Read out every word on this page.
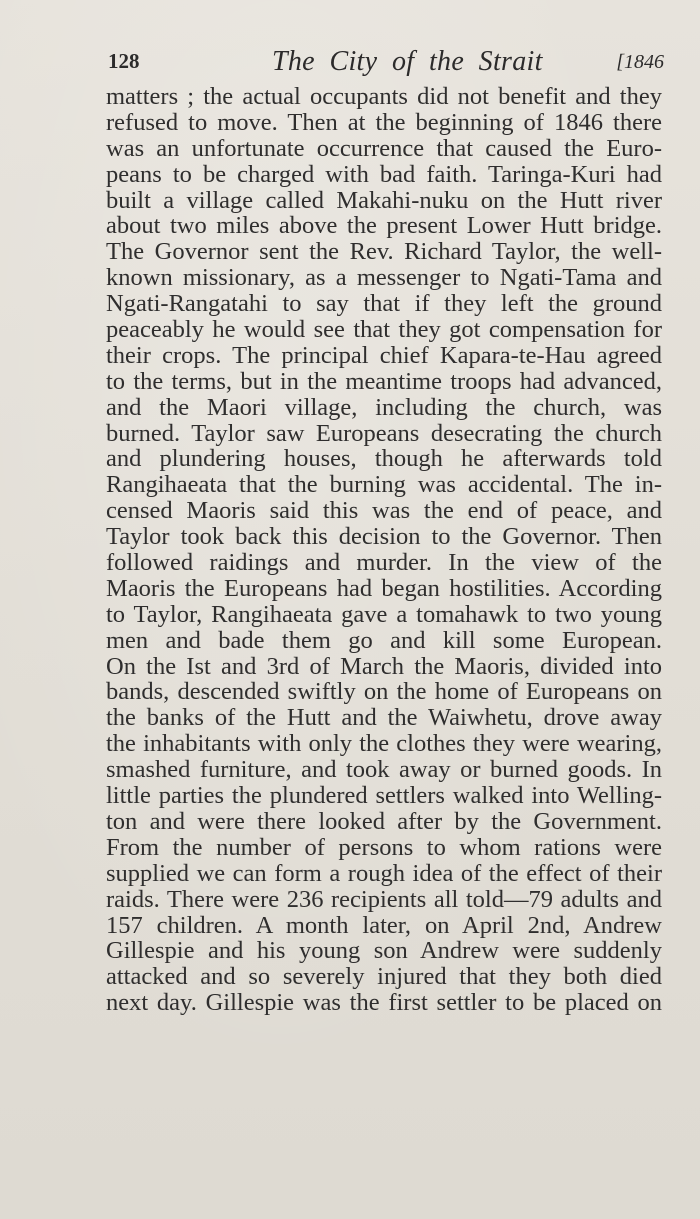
128	The  City  of  the  Strait	[1846
matters ; the actual occupants did not benefit and they
refused to move. Then at the beginning of 1846 there
was an unfortunate occurrence that caused the Euro-
peans to be charged with bad faith. Taringa-Kuri had
built a village called Makahi-nuku on the Hutt river
about two miles above the present Lower Hutt bridge.
The Governor sent the Rev. Richard Taylor, the well-
known missionary, as a messenger to Ngati-Tama and
Ngati-Rangatahi to say that if they left the ground
peaceably he would see that they got compensation for
their crops. The principal chief Kapara-te-Hau agreed
to the terms, but in the meantime troops had advanced,
and the Maori village, including the church, was
burned. Taylor saw Europeans desecrating the church
and plundering houses, though he afterwards told
Rangihaeata that the burning was accidental. The in-
censed Maoris said this was the end of peace, and
Taylor took back this decision to the Governor. Then
followed raidings and murder. In the view of the
Maoris the Europeans had began hostilities. According
to Taylor, Rangihaeata gave a tomahawk to two young
men and bade them go and kill some European.
On the Ist and 3rd of March the Maoris, divided into
bands, descended swiftly on the home of Europeans on
the banks of the Hutt and the Waiwhetu, drove away
the inhabitants with only the clothes they were wearing,
smashed furniture, and took away or burned goods. In
little parties the plundered settlers walked into Welling-
ton and were there looked after by the Government.
From the number of persons to whom rations were
supplied we can form a rough idea of the effect of their
raids. There were 236 recipients all told—79 adults and
157 children. A month later, on April 2nd, Andrew
Gillespie and his young son Andrew were suddenly
attacked and so severely injured that they both died
next day. Gillespie was the first settler to be placed on
